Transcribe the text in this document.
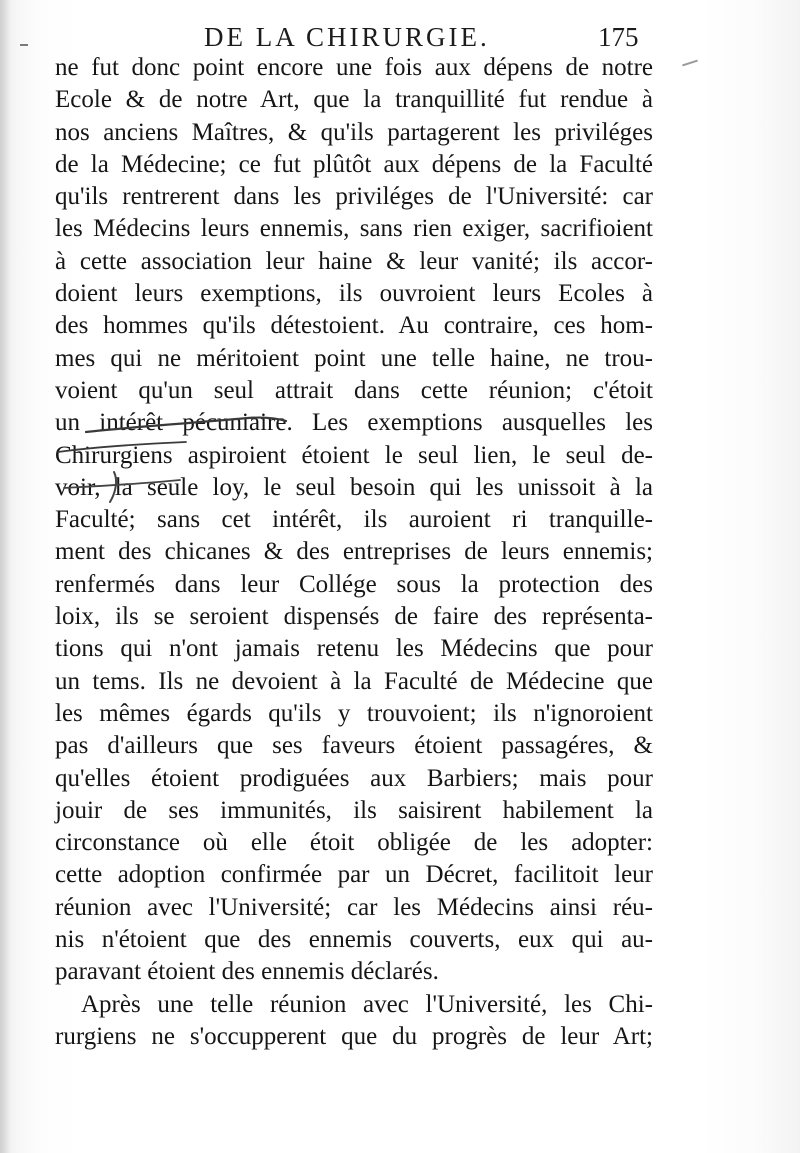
DE LA CHIRURGIE.	175
ne fut donc point encore une fois aux dépens de notre
Ecole & de notre Art, que la tranquillité fut rendue à
nos anciens Maîtres, & qu'ils partagerent les priviléges
de la Médecine; ce fut plûtôt aux dépens de la Faculté
qu'ils rentrerent dans les priviléges de l'Université: car
les Médecins leurs ennemis, sans rien exiger, sacrifioient
à cette association leur haine & leur vanité; ils accor-
doient leurs exemptions, ils ouvroient leurs Ecoles à
des hommes qu'ils détestoient. Au contraire, ces hom-
mes qui ne méritoient point une telle haine, ne trou-
voient qu'un seul attrait dans cette réunion; c'étoit
un intérêt pécuniaire. Les exemptions ausquelles les
Chirurgiens aspiroient étoient le seul lien, le seul de-
voir, la seule loy, le seul besoin qui les unissoit à la
Faculté; sans cet intérêt, ils auroient ri tranquille-
ment des chicanes & des entreprises de leurs ennemis;
renfermés dans leur Collége sous la protection des
loix, ils se seroient dispensés de faire des représenta-
tions qui n'ont jamais retenu les Médecins que pour
un tems. Ils ne devoient à la Faculté de Médecine que
les mêmes égards qu'ils y trouvoient; ils n'ignoroient
pas d'ailleurs que ses faveurs étoient passagéres, &
qu'elles étoient prodiguées aux Barbiers; mais pour
jouir de ses immunités, ils saisirent habilement la
circonstance où elle étoit obligée de les adopter:
cette adoption confirmée par un Décret, facilitoit leur
réunion avec l'Université; car les Médecins ainsi réu-
nis n'étoient que des ennemis couverts, eux qui au-
paravant étoient des ennemis déclarés.
Après une telle réunion avec l'Université, les Chi-
rurgiens ne s'occupperent que du progrès de leur Art;
